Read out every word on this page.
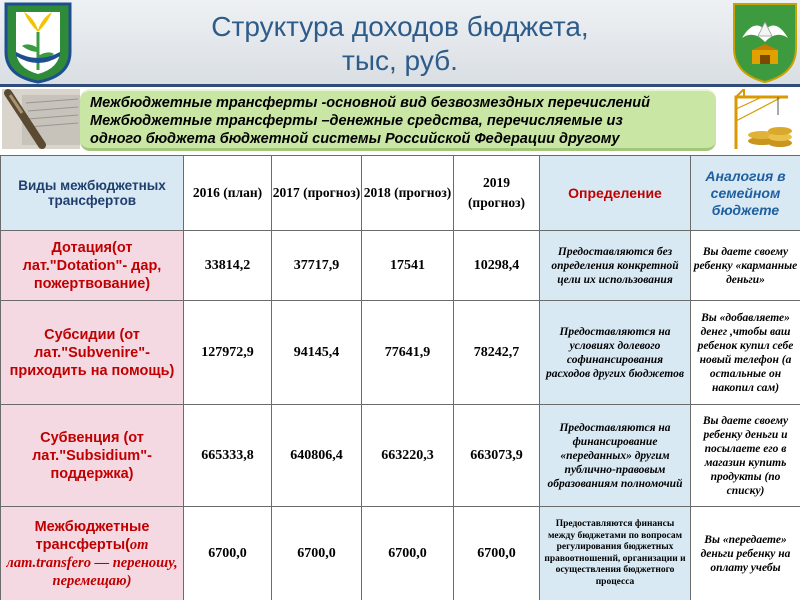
Структура доходов бюджета,
тыс, руб.

Межбюджетные трансферты -основной вид безвозмездных перечислений

Межбюджетные трансферты –денежные средства, перечисляемые из

одного бюджета бюджетной системы Российской Федерации другому

Виды межбюджетных трансфертов	2016 (план)	2017 (прогноз)	2018 (прогноз)	2019 (прогноз)	Определение	Аналогия в семейном бюджете
Дотация(от лат."Dotation"- дар, пожертвование)	33814,2	37717,9	17541	10298,4	Предоставляются без определения конкретной цели их использования	Вы даете своему ребенку «карманные деньги»
Субсидии (от лат."Subvenire"- приходить на помощь)	127972,9	94145,4	77641,9	78242,7	Предоставляются на условиях долевого софинансирования расходов других бюджетов	Вы «добавляете» денег ,чтобы ваш ребенок купил себе новый телефон (а остальные он накопил сам)
Субвенция (от лат."Subsidium"- поддержка)	665333,8	640806,4	663220,3	663073,9	Предоставляются на финансирование «переданных» другим публично-правовым образованиям полномочий	Вы даете своему ребенку деньги и посылаете его в магазин купить продукты (по списку)
Межбюджетные трансферты(от лат.transfero — переношу, перемещаю)	6700,0	6700,0	6700,0	6700,0	Предоставляются финансы между бюджетами по вопросам регулирования бюджетных правоотношений, организации и осуществления бюджетного процесса	Вы «передаете» деньги ребенку на оплату учебы
